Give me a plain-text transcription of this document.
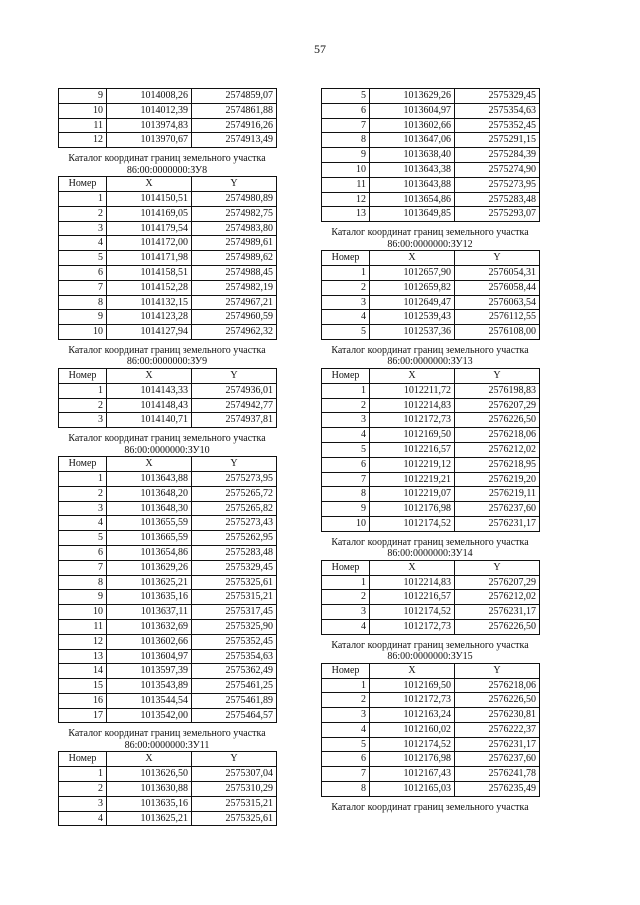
57
9	1014008,26	2574859,07
10	1014012,39	2574861,88
11	1013974,83	2574916,26
12	1013970,67	2574913,49
Каталог координат границ земельного участка
86:00:0000000:ЗУ8
Номер	X	Y
1	1014150,51	2574980,89
2	1014169,05	2574982,75
3	1014179,54	2574983,80
4	1014172,00	2574989,61
5	1014171,98	2574989,62
6	1014158,51	2574988,45
7	1014152,28	2574982,19
8	1014132,15	2574967,21
9	1014123,28	2574960,59
10	1014127,94	2574962,32
Каталог координат границ земельного участка
86:00:0000000:ЗУ9
Номер	X	Y
1	1014143,33	2574936,01
2	1014148,43	2574942,77
3	1014140,71	2574937,81
Каталог координат границ земельного участка
86:00:0000000:ЗУ10
Номер	X	Y
1	1013643,88	2575273,95
2	1013648,20	2575265,72
3	1013648,30	2575265,82
4	1013655,59	2575273,43
5	1013665,59	2575262,95
6	1013654,86	2575283,48
7	1013629,26	2575329,45
8	1013625,21	2575325,61
9	1013635,16	2575315,21
10	1013637,11	2575317,45
11	1013632,69	2575325,90
12	1013602,66	2575352,45
13	1013604,97	2575354,63
14	1013597,39	2575362,49
15	1013543,89	2575461,25
16	1013544,54	2575461,89
17	1013542,00	2575464,57
Каталог координат границ земельного участка
86:00:0000000:ЗУ11
Номер	X	Y
1	1013626,50	2575307,04
2	1013630,88	2575310,29
3	1013635,16	2575315,21
4	1013625,21	2575325,61
5	1013629,26	2575329,45
6	1013604,97	2575354,63
7	1013602,66	2575352,45
8	1013647,06	2575291,15
9	1013638,40	2575284,39
10	1013643,38	2575274,90
11	1013643,88	2575273,95
12	1013654,86	2575283,48
13	1013649,85	2575293,07
Каталог координат границ земельного участка
86:00:0000000:ЗУ12
Номер	X	Y
1	1012657,90	2576054,31
2	1012659,82	2576058,44
3	1012649,47	2576063,54
4	1012539,43	2576112,55
5	1012537,36	2576108,00
Каталог координат границ земельного участка
86:00:0000000:ЗУ13
Номер	X	Y
1	1012211,72	2576198,83
2	1012214,83	2576207,29
3	1012172,73	2576226,50
4	1012169,50	2576218,06
5	1012216,57	2576212,02
6	1012219,12	2576218,95
7	1012219,21	2576219,20
8	1012219,07	2576219,11
9	1012176,98	2576237,60
10	1012174,52	2576231,17
Каталог координат границ земельного участка
86:00:0000000:ЗУ14
Номер	X	Y
1	1012214,83	2576207,29
2	1012216,57	2576212,02
3	1012174,52	2576231,17
4	1012172,73	2576226,50
Каталог координат границ земельного участка
86:00:0000000:ЗУ15
Номер	X	Y
1	1012169,50	2576218,06
2	1012172,73	2576226,50
3	1012163,24	2576230,81
4	1012160,02	2576222,37
5	1012174,52	2576231,17
6	1012176,98	2576237,60
7	1012167,43	2576241,78
8	1012165,03	2576235,49
Каталог координат границ земельного участка
